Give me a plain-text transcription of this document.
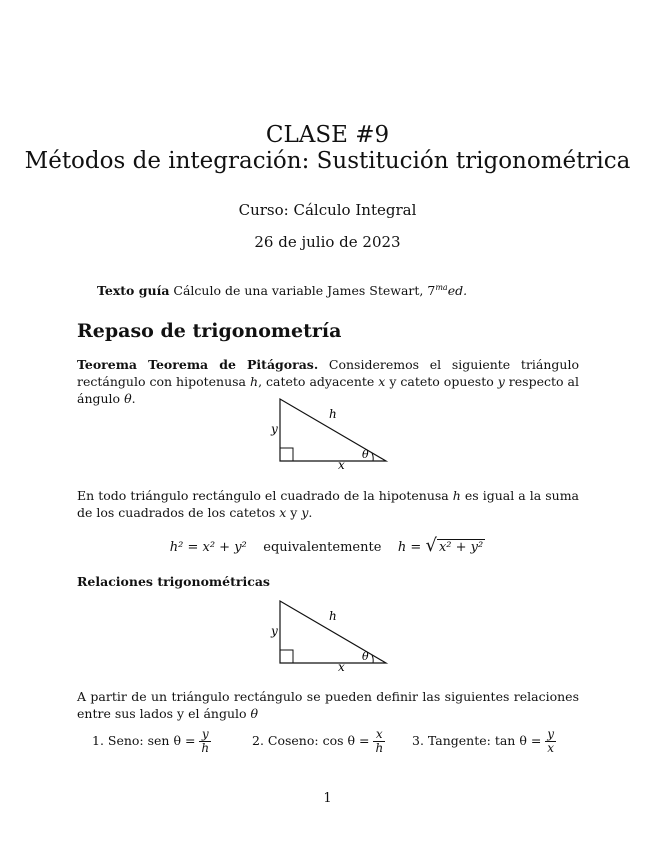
CLASE #9
Métodos de integración: Sustitución trigonométrica
Curso: Cálculo Integral
26 de julio de 2023
Texto guía Cálculo de una variable James Stewart, $7^{ma}ed$.
Repaso de trigonometría
Teorema Teorema de Pitágoras. Consideremos el siguiente triángulo rectángulo con hipotenusa h, cateto adyacente x y cateto opuesto y respecto al ángulo θ.
h
x
y
θ
En todo triángulo rectángulo el cuadrado de la hipotenusa h es igual a la suma de los cuadrados de los catetos x y y.
h² = x² + y² equivalentemente h = √ x² + y²
Relaciones trigonométricas
h
x
y
θ
A partir de un triángulo rectángulo se pueden definir las siguientes relaciones entre sus lados y el ángulo θ
1. Seno: sen $\theta = \frac{y}{h}$	2. Coseno: $\cos \theta = \frac{x}{h} 3$. Tangente: $\tan \theta = \frac{y}{x}$
1
